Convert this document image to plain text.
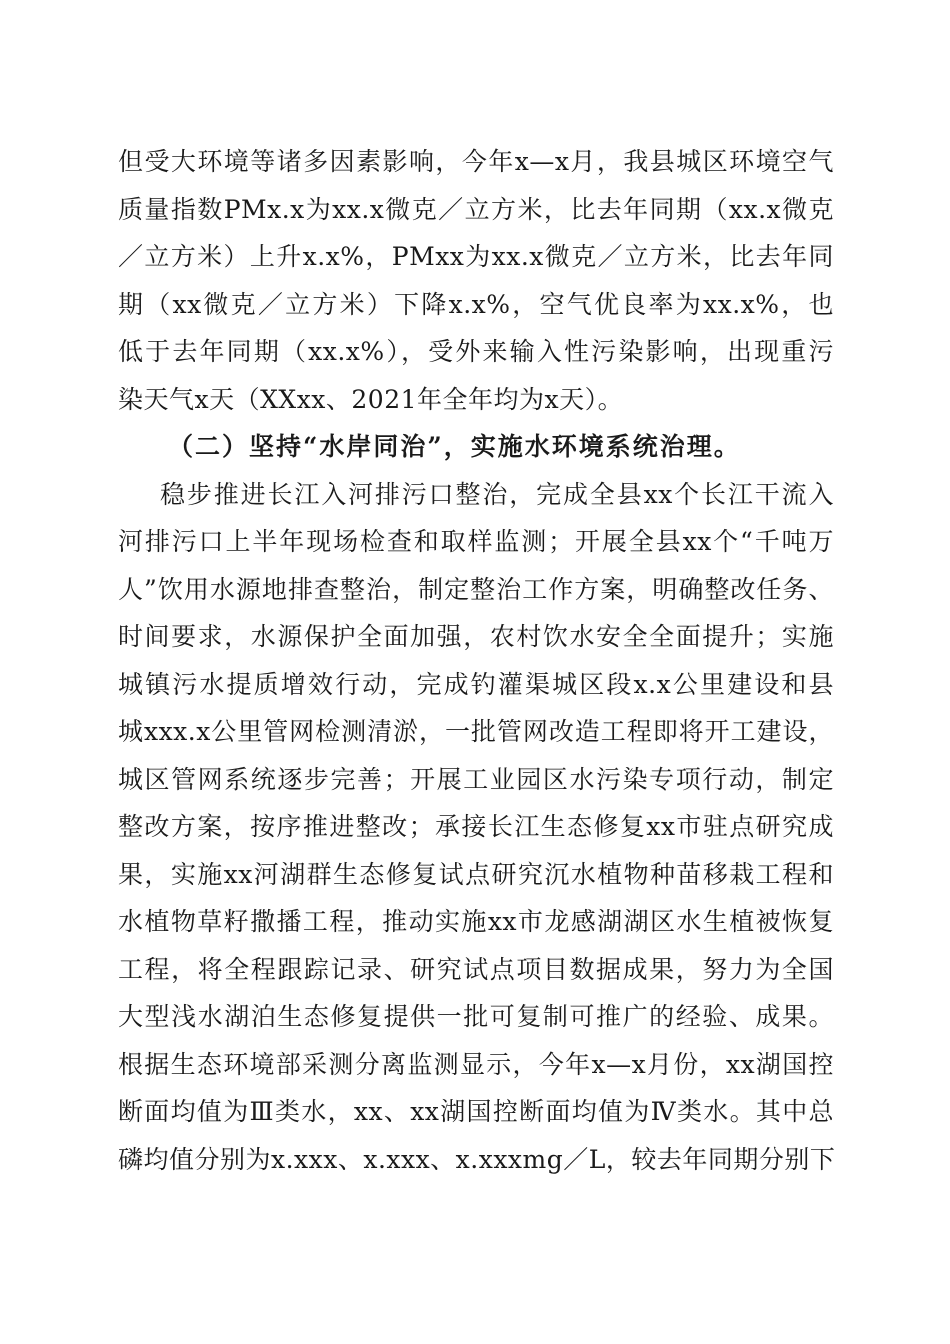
但受大环境等诸多因素影响，今年x—x月，我县城区环境空气
质量指数PMx.x为xx.x微克／立方米，比去年同期（xx.x微克
／立方米）上升x.x%，PMxx为xx.x微克／立方米，比去年同
期（xx微克／立方米）下降x.x%，空气优良率为xx.x%，也
低于去年同期（xx.x%），受外来输入性污染影响，出现重污
染天气x天（XXxx、2021年全年均为x天）。
（二）坚持“水岸同治”，实施水环境系统治理。
稳步推进长江入河排污口整治，完成全县xx个长江干流入
河排污口上半年现场检查和取样监测；开展全县xx个“千吨万
人”饮用水源地排查整治，制定整治工作方案，明确整改任务、
时间要求，水源保护全面加强，农村饮水安全全面提升；实施
城镇污水提质增效行动，完成钓灌渠城区段x.x公里建设和县
城xxx.x公里管网检测清淤，一批管网改造工程即将开工建设，
城区管网系统逐步完善；开展工业园区水污染专项行动，制定
整改方案，按序推进整改；承接长江生态修复xx市驻点研究成
果，实施xx河湖群生态修复试点研究沉水植物种苗移栽工程和
水植物草籽撒播工程，推动实施xx市龙感湖湖区水生植被恢复
工程，将全程跟踪记录、研究试点项目数据成果，努力为全国
大型浅水湖泊生态修复提供一批可复制可推广的经验、成果。
根据生态环境部采测分离监测显示，今年x—x月份，xx湖国控
断面均值为Ⅲ类水，xx、xx湖国控断面均值为Ⅳ类水。其中总
磷均值分别为x.xxx、x.xxx、x.xxxmg／L，较去年同期分别下
